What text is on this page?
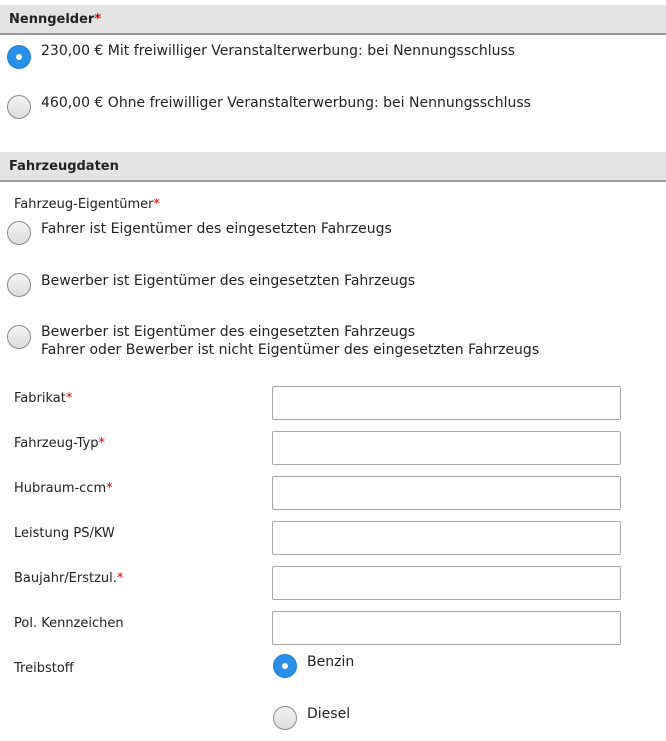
Nenngelder*
230,00 € Mit freiwilliger Veranstalterwerbung: bei Nennungsschluss
460,00 € Ohne freiwilliger Veranstalterwerbung: bei Nennungsschluss
Fahrzeugdaten
Fahrzeug-Eigentümer*
Fahrer ist Eigentümer des eingesetzten Fahrzeugs
Bewerber ist Eigentümer des eingesetzten Fahrzeugs
Bewerber ist Eigentümer des eingesetzten Fahrzeugs
Fahrer oder Bewerber ist nicht Eigentümer des eingesetzten Fahrzeugs
Fabrikat*
Fahrzeug-Typ*
Hubraum-ccm*
Leistung PS/KW
Baujahr/Erstzul.*
Pol. Kennzeichen
Treibstoff	Benzin
Diesel
